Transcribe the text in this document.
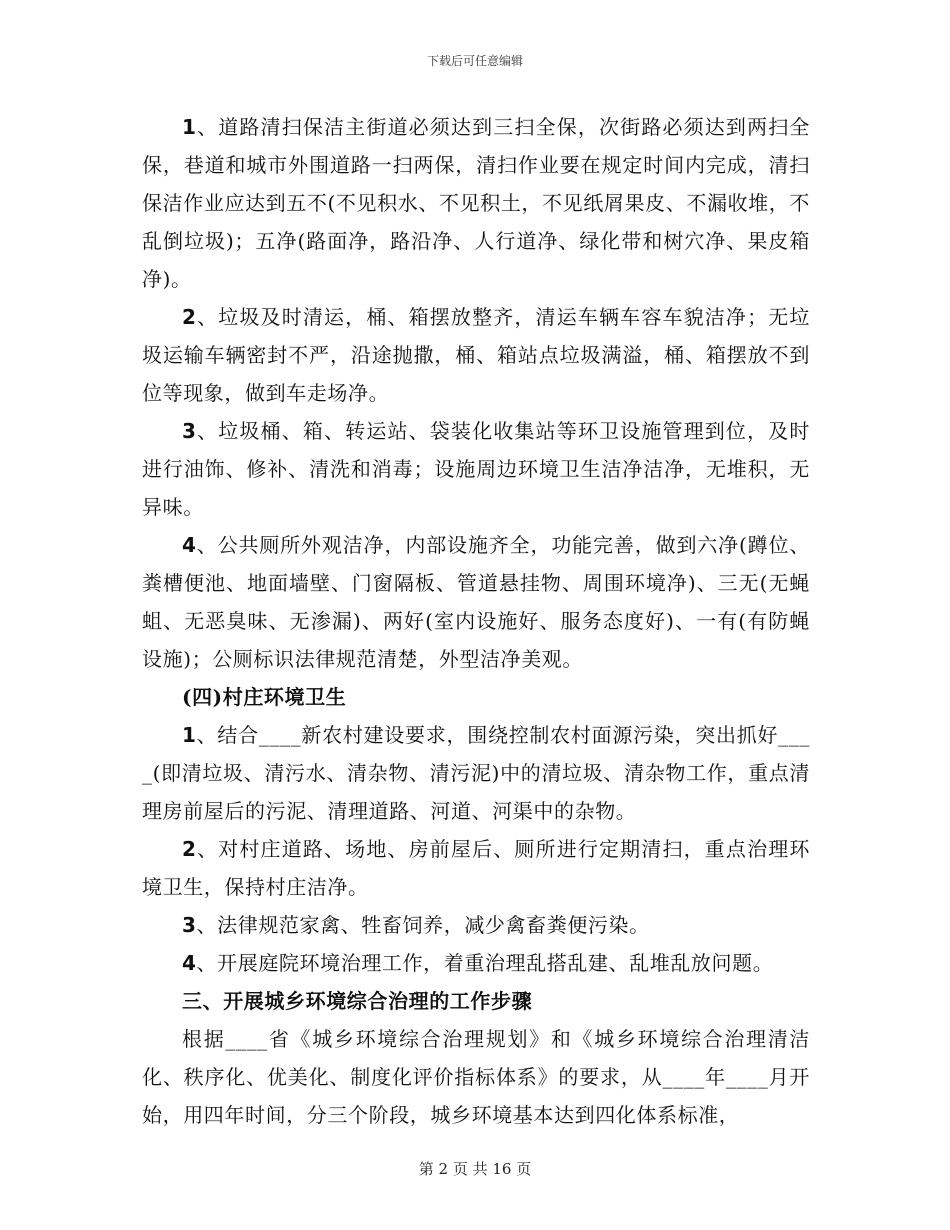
下载后可任意编辑

1、道路清扫保洁主街道必须达到三扫全保，次街路必须达到两扫全保，巷道和城市外围道路一扫两保，清扫作业要在规定时间内完成，清扫保洁作业应达到五不(不见积水、不见积土，不见纸屑果皮、不漏收堆，不乱倒垃圾)；五净(路面净，路沿净、人行道净、绿化带和树穴净、果皮箱净)。

2、垃圾及时清运，桶、箱摆放整齐，清运车辆车容车貌洁净；无垃圾运输车辆密封不严，沿途抛撒，桶、箱站点垃圾满溢，桶、箱摆放不到位等现象，做到车走场净。

3、垃圾桶、箱、转运站、袋装化收集站等环卫设施管理到位，及时进行油饰、修补、清洗和消毒；设施周边环境卫生洁净洁净，无堆积，无异味。

4、公共厕所外观洁净，内部设施齐全，功能完善，做到六净(蹲位、粪槽便池、地面墙壁、门窗隔板、管道悬挂物、周围环境净)、三无(无蝇蛆、无恶臭味、无渗漏)、两好(室内设施好、服务态度好)、一有(有防蝇设施)；公厕标识法律规范清楚，外型洁净美观。

(四)村庄环境卫生

1、结合____新农村建设要求，围绕控制农村面源污染，突出抓好____(即清垃圾、清污水、清杂物、清污泥)中的清垃圾、清杂物工作，重点清理房前屋后的污泥、清理道路、河道、河渠中的杂物。

2、对村庄道路、场地、房前屋后、厕所进行定期清扫，重点治理环境卫生，保持村庄洁净。

3、法律规范家禽、牲畜饲养，减少禽畜粪便污染。

4、开展庭院环境治理工作，着重治理乱搭乱建、乱堆乱放问题。

三、开展城乡环境综合治理的工作步骤

根据____省《城乡环境综合治理规划》和《城乡环境综合治理清洁化、秩序化、优美化、制度化评价指标体系》的要求，从____年____月开始，用四年时间，分三个阶段，城乡环境基本达到四化体系标准，

第 2 页 共 16 页
